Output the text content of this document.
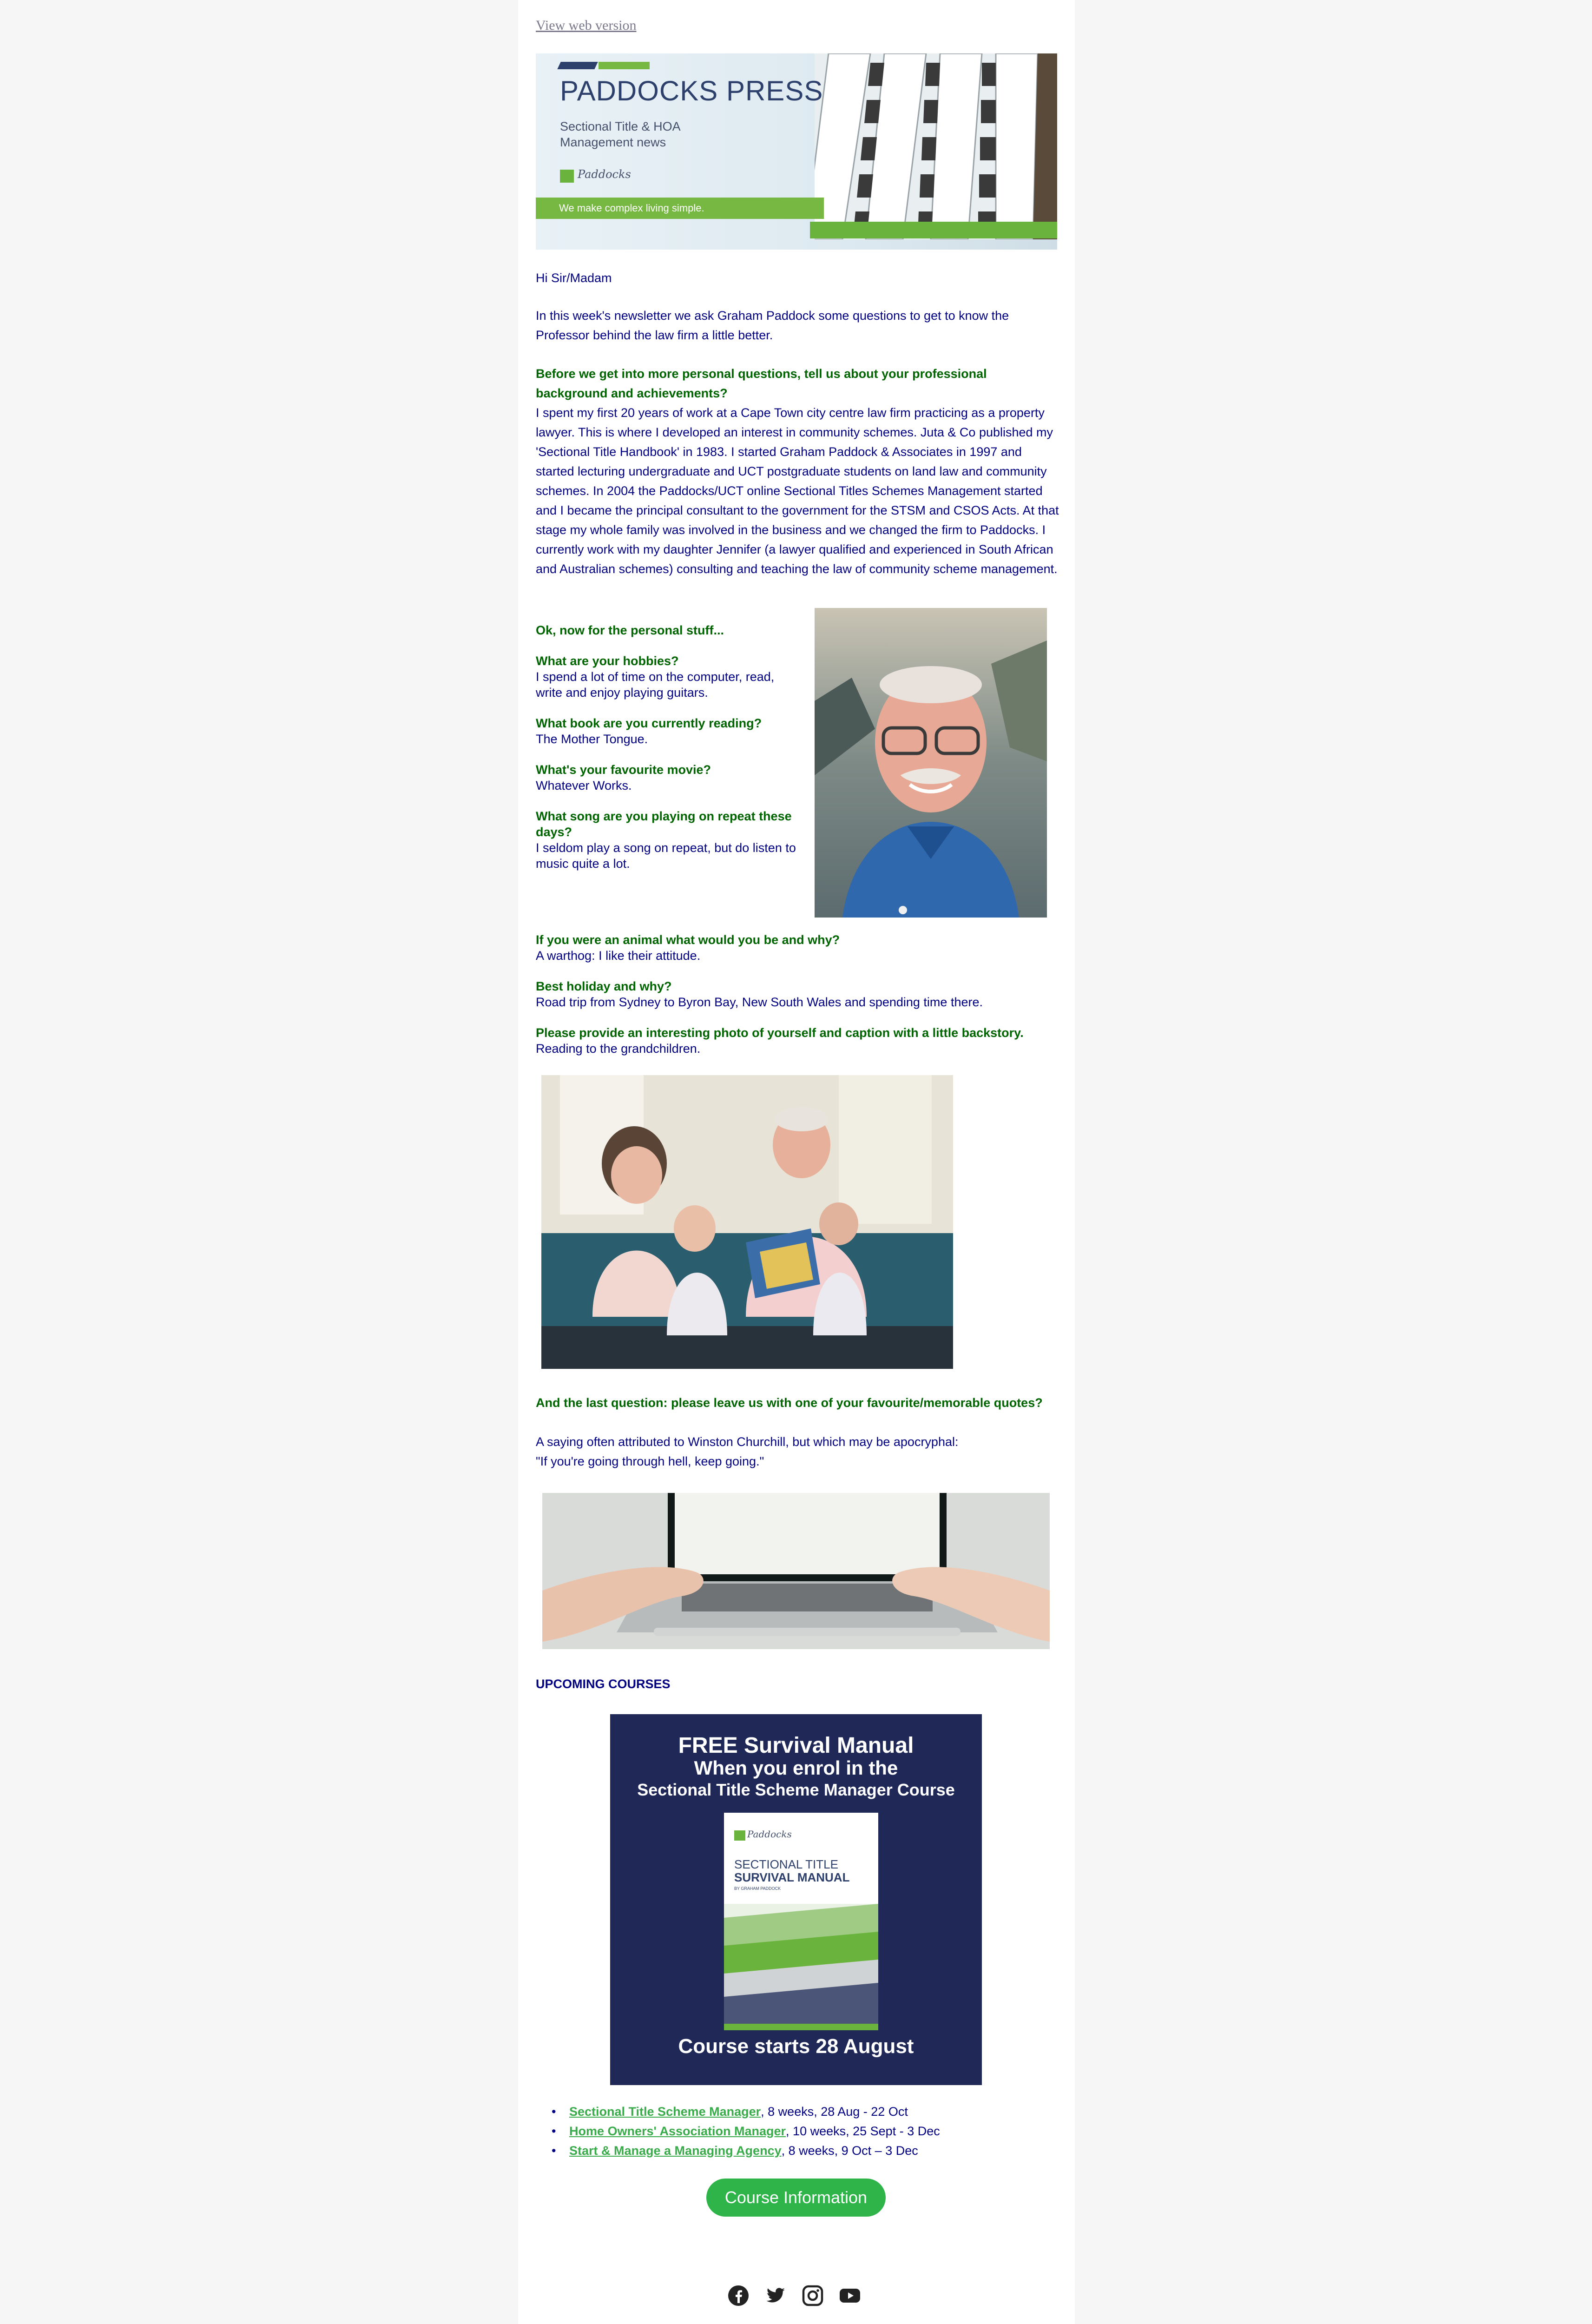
View web version
PADDOCKS PRESS
Sectional Title & HOA Management news
Paddocks
We make complex living simple.
Hi Sir/Madam
In this week's newsletter we ask Graham Paddock some questions to get to know the Professor behind the law firm a little better.
Before we get into more personal questions, tell us about your professional background and achievements?
I spent my first 20 years of work at a Cape Town city centre law firm practicing as a property lawyer. This is where I developed an interest in community schemes. Juta & Co published my 'Sectional Title Handbook' in 1983. I started Graham Paddock & Associates in 1997 and started lecturing undergraduate and UCT postgraduate students on land law and community schemes. In 2004 the Paddocks/UCT online Sectional Titles Schemes Management started and I became the principal consultant to the government for the STSM and CSOS Acts. At that stage my whole family was involved in the business and we changed the firm to Paddocks. I currently work with my daughter Jennifer (a lawyer qualified and experienced in South African and Australian schemes) consulting and teaching the law of community scheme management.
Ok, now for the personal stuff...
What are your hobbies?
I spend a lot of time on the computer, read, write and enjoy playing guitars.
What book are you currently reading?
The Mother Tongue.
What's your favourite movie?
Whatever Works.
What song are you playing on repeat these days?
I seldom play a song on repeat, but do listen to music quite a lot.
If you were an animal what would you be and why?
A warthog: I like their attitude.
Best holiday and why?
Road trip from Sydney to Byron Bay, New South Wales and spending time there.
Please provide an interesting photo of yourself and caption with a little backstory.
Reading to the grandchildren.
And the last question: please leave us with one of your favourite/memorable quotes?
A saying often attributed to Winston Churchill, but which may be apocryphal:
"If you're going through hell, keep going."
UPCOMING COURSES
FREE Survival Manual
When you enrol in the
Sectional Title Scheme Manager Course
Paddocks
SECTIONAL TITLE
SURVIVAL MANUAL
BY GRAHAM PADDOCK
Course starts 28 August
• Sectional Title Scheme Manager, 8 weeks, 28 Aug - 22 Oct
• Home Owners' Association Manager, 10 weeks, 25 Sept - 3 Dec
• Start & Manage a Managing Agency, 8 weeks, 9 Oct – 3 Dec
Course Information
